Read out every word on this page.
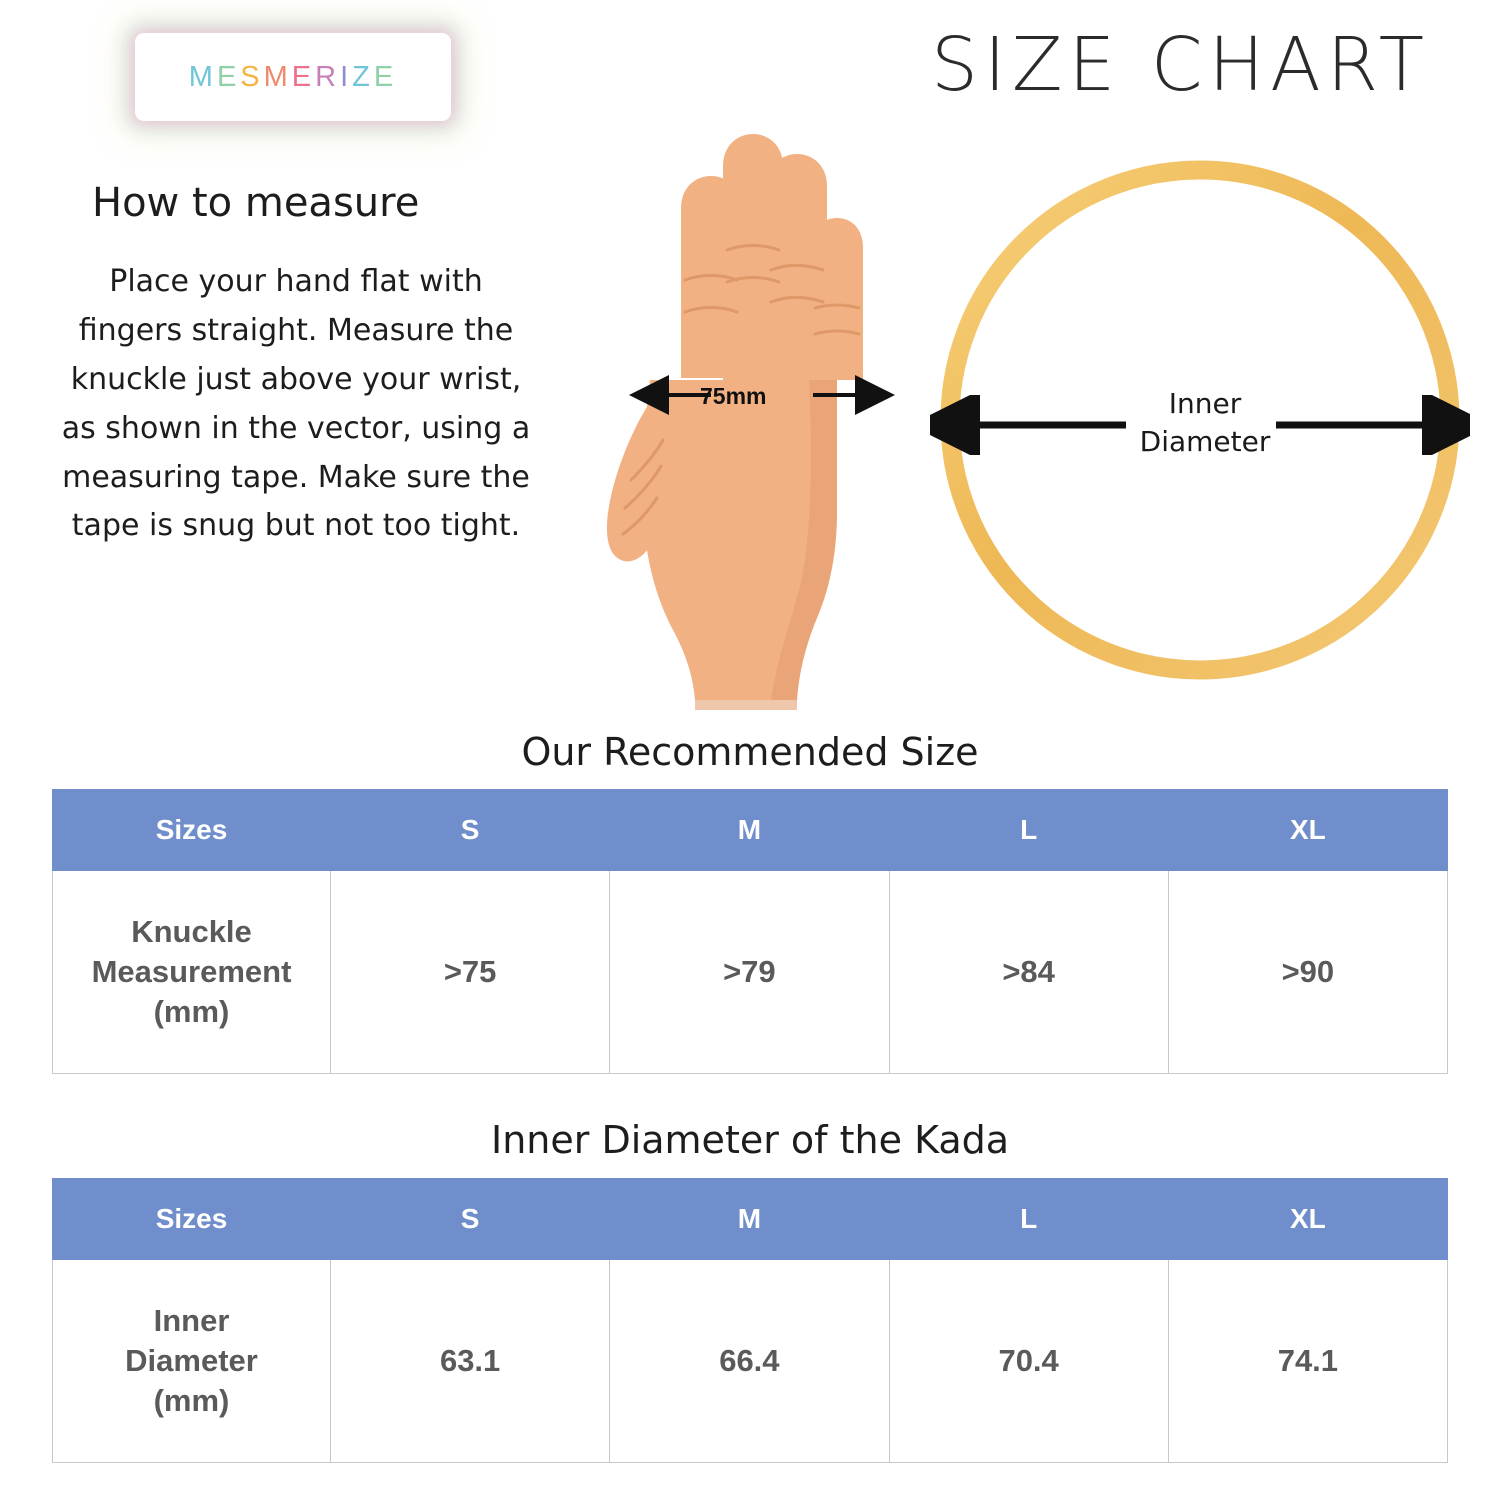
MESMERIZE	SIZE CHART
How to measure
Place your hand flat with fingers straight. Measure the knuckle just above your wrist, as shown in the vector, using a measuring tape. Make sure the tape is snug but not too tight.
75mm	Inner
Diameter
Our Recommended Size
Sizes	S	M	L	XL

Knuckle
Measurement
(mm)	>75	>79	>84	>90
Inner Diameter of the Kada
Sizes	S	M	L	XL

Inner
Diameter
(mm)	63.1	66.4	70.4	74.1
